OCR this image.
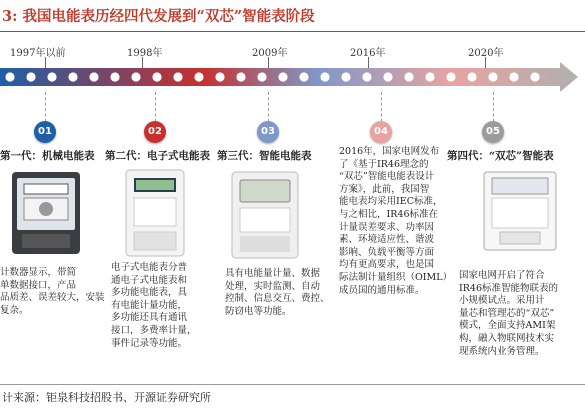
3: 我国电能表历经四代发展到“双芯”智能表阶段
1997年以前	1998年	2009年	2016年	2020年
01	02	03	04	05
第一代：机械电能表 第二代：电子式电能表 第三代：智能电能表	第四代：“双芯”智能表
计数器显示，带简
单数据接口，产品
品质差、误差较大，安装
复杂。
电子式电能表分普
通电子式电能表和
多功能电能表，具
有电能计量功能，
多功能还具有通讯
接口，多费率计量，
事件记录等功能。
具有电能量计量、数据
处理，实时监测、自动
控制、信息交互、费控、
防窃电等功能。
2016年，国家电网发布
了《基于IR46理念的
“双芯”智能电能表设计
方案》，此前，我国智
能电表均采用IEC标准，
与之相比，IR46标准在
计量误差要求、功率因
素、环境适应性、谐波
影响、负载平衡等方面
均有更高要求，也是国
际法制计量组织（OIML）
成员国的通用标准。
国家电网开启了符合
IR46标准智能物联表的
小规模试点。采用计
量芯和管理芯的“双芯”
模式，全面支持AMI架
构，融入物联网技术实
现系统内业务管理。
计来源：钜泉科技招股书、开源证券研究所
